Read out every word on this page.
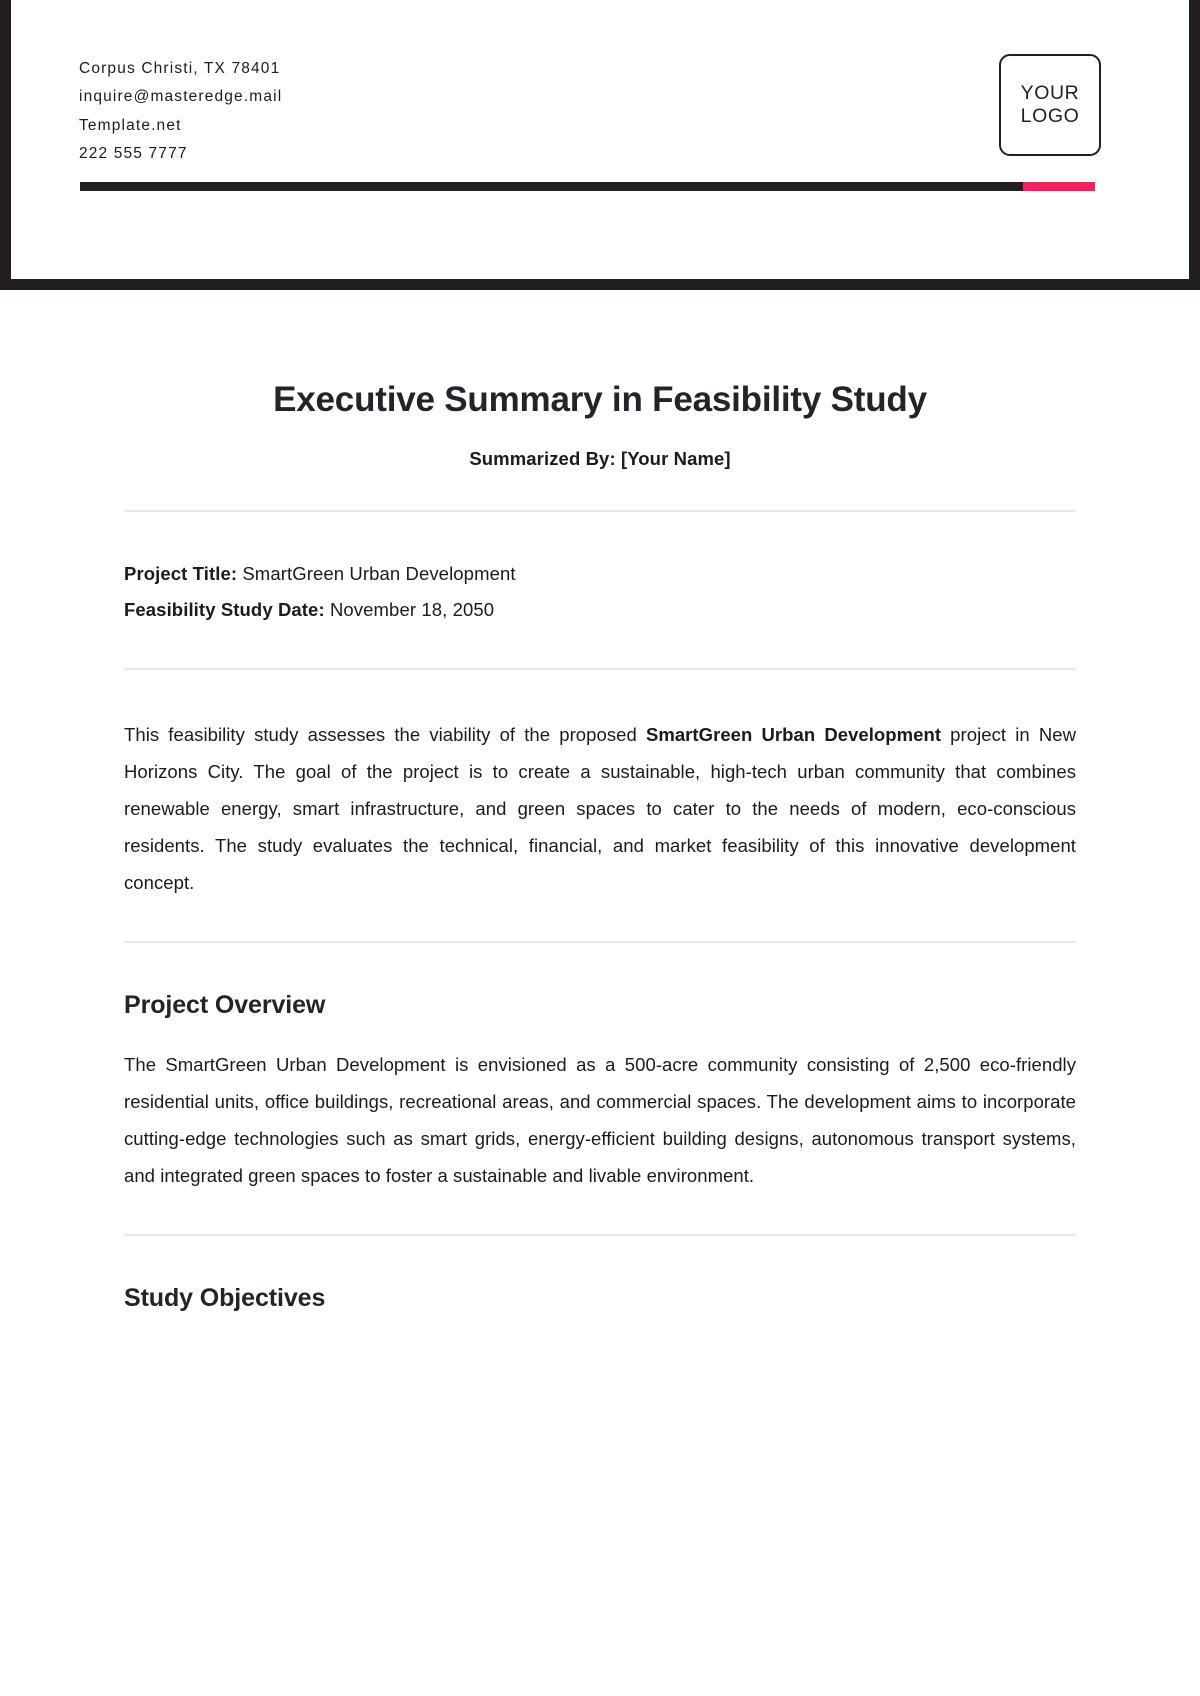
Corpus Christi, TX 78401
inquire@masteredge.mail
Template.net
222 555 7777
YOUR
LOGO
Executive Summary in Feasibility Study
Summarized By: [Your Name]
Project Title: SmartGreen Urban Development
Feasibility Study Date: November 18, 2050

This feasibility study assesses the viability of the proposed SmartGreen Urban Development project in New Horizons City. The goal of the project is to create a sustainable, high-tech urban community that combines renewable energy, smart infrastructure, and green spaces to cater to the needs of modern, eco-conscious residents. The study evaluates the technical, financial, and market feasibility of this innovative development concept.

Project Overview

The SmartGreen Urban Development is envisioned as a 500-acre community consisting of 2,500 eco-friendly residential units, office buildings, recreational areas, and commercial spaces. The development aims to incorporate cutting-edge technologies such as smart grids, energy-efficient building designs, autonomous transport systems, and integrated green spaces to foster a sustainable and livable environment.

Study Objectives
